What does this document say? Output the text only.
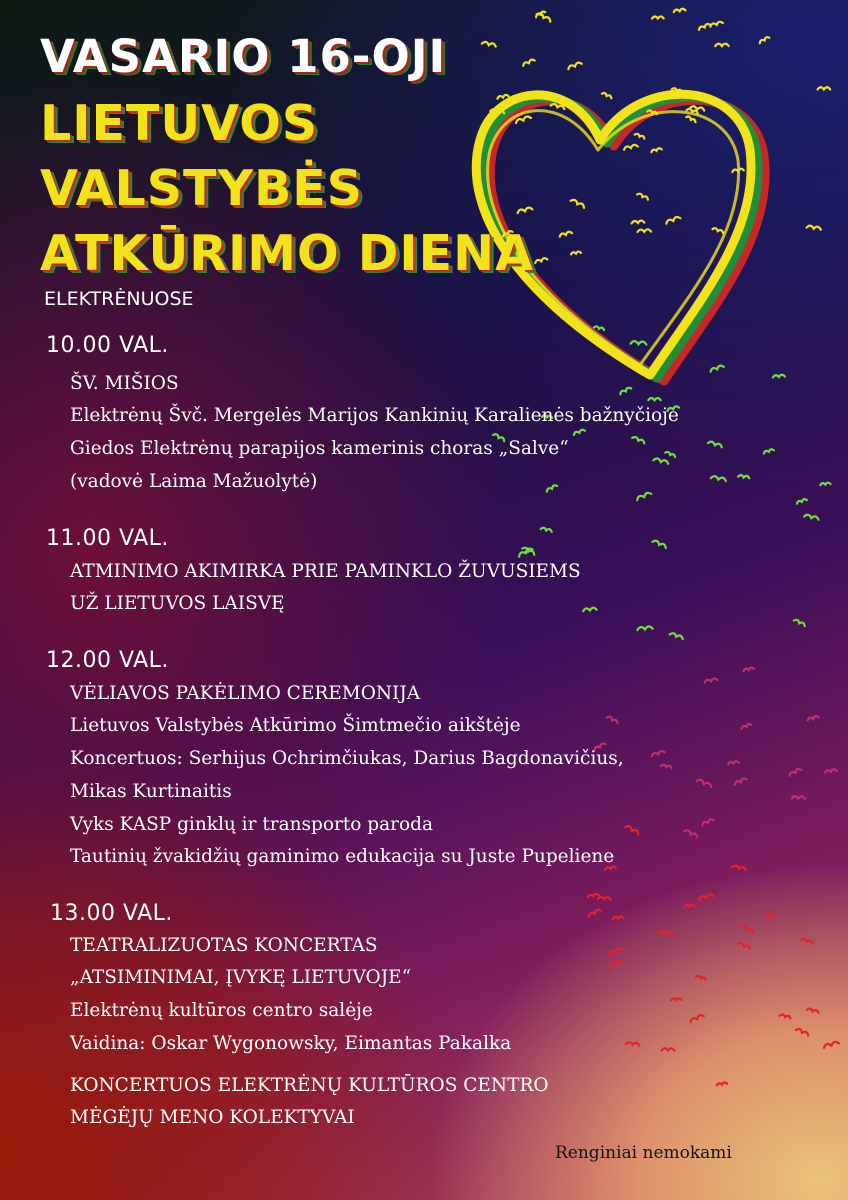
VASARIO 16-OJI
LIETUVOS
VALSTYBĖS
ATKŪRIMO DIENA
ELEKTRĖNUOSE
10.00 VAL.
ŠV. MIŠIOS
Elektrėnų Švč. Mergelės Marijos Kankinių Karalienės bažnyčioje
Giedos Elektrėnų parapijos kamerinis choras „Salve“
(vadovė Laima Mažuolytė)
11.00 VAL.
ATMINIMO AKIMIRKA PRIE PAMINKLO ŽUVUSIEMS
UŽ LIETUVOS LAISVĘ
12.00 VAL.
VĖLIAVOS PAKĖLIMO CEREMONIJA
Lietuvos Valstybės Atkūrimo Šimtmečio aikštėje
Koncertuos: Serhijus Ochrimčiukas, Darius Bagdonavičius,
Mikas Kurtinaitis
Vyks KASP ginklų ir transporto paroda
Tautinių žvakidžių gaminimo edukacija su Juste Pupeliene
13.00 VAL.
TEATRALIZUOTAS KONCERTAS
„ATSIMINIMAI, ĮVYKĘ LIETUVOJE“
Elektrėnų kultūros centro salėje
Vaidina: Oskar Wygonowsky, Eimantas Pakalka
KONCERTUOS ELEKTRĖNŲ KULTŪROS CENTRO
MĖGĖJŲ MENO KOLEKTYVAI
Renginiai nemokami
